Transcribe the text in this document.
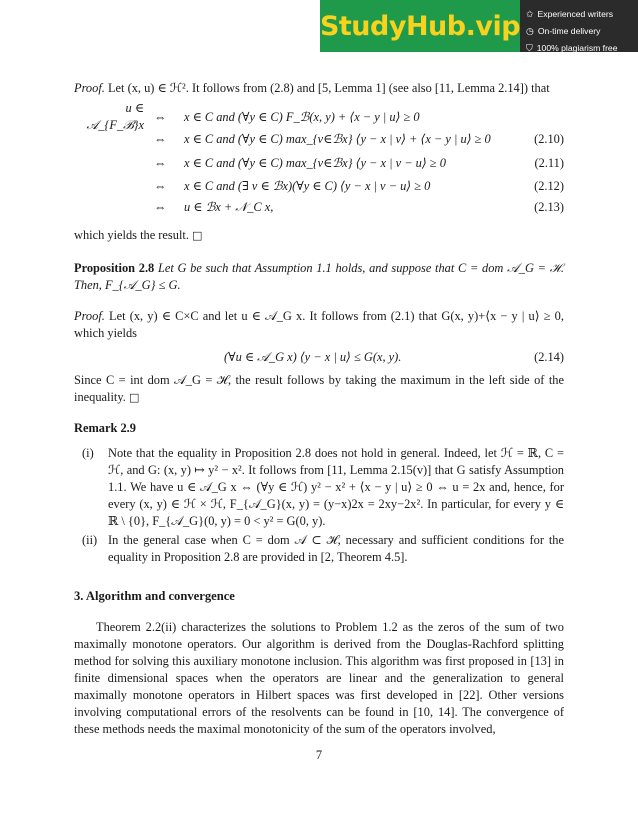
StudyHub.vip ✩ Experienced writers
◷ On-time delivery
⛉ 100% plagiarism free

Proof. Let (x, u) ∈ ℋ². It follows from (2.8) and [5, Lemma 1] (see also [11, Lemma 2.14]) that

u ∈ 𝒜_{F_ℬ}x
⇔	x ∈ C and (∀y ∈ C) F_ℬ(x, y) + ⟨x − y | u⟩ ≥ 0
⇔	x ∈ C and (∀y ∈ C) max_{v∈ℬx} ⟨y − x | v⟩ + ⟨x − y | u⟩ ≥ 0	(2.10)
⇔	x ∈ C and (∀y ∈ C) max_{v∈ℬx} ⟨y − x | v − u⟩ ≥ 0	(2.11)
⇔	x ∈ C and (∃ v ∈ ℬx)(∀y ∈ C) ⟨y − x | v − u⟩ ≥ 0	(2.12)
⇔	u ∈ ℬx + 𝒩_C x,	(2.13)

which yields the result. □

Proposition 2.8 Let G be such that Assumption 1.1 holds, and suppose that C = dom 𝒜_G = ℋ. Then, F_{𝒜_G} ≤ G.

Proof. Let (x, y) ∈ C×C and let u ∈ 𝒜_G x. It follows from (2.1) that G(x, y)+⟨x − y | u⟩ ≥ 0, which yields

(∀u ∈ 𝒜_G x) ⟨y − x | u⟩ ≤ G(x, y).	(2.14)

Since C = int dom 𝒜_G = ℋ, the result follows by taking the maximum in the left side of the inequality. □

Remark 2.9

(i)	Note that the equality in Proposition 2.8 does not hold in general. Indeed, let ℋ = ℝ, C = ℋ, and G: (x, y) ↦ y² − x². It follows from [11, Lemma 2.15(v)] that G satisfy Assumption 1.1. We have u ∈ 𝒜_G x ⇔ (∀y ∈ ℋ) y² − x² + ⟨x − y | u⟩ ≥ 0 ⇔ u = 2x and, hence, for every (x, y) ∈ ℋ × ℋ, F_{𝒜_G}(x, y) = (y−x)2x = 2xy−2x². In particular, for every y ∈ ℝ \ {0}, F_{𝒜_G}(0, y) = 0 < y² = G(0, y).
(ii) In the general case when C = dom 𝒜 ⊂ ℋ, necessary and sufficient conditions for the equality in Proposition 2.8 are provided in [2, Theorem 4.5].

3. Algorithm and convergence

Theorem 2.2(ii) characterizes the solutions to Problem 1.2 as the zeros of the sum of two maximally monotone operators. Our algorithm is derived from the Douglas-Rachford splitting method for solving this auxiliary monotone inclusion. This algorithm was first proposed in [13] in finite dimensional spaces when the operators are linear and the generalization to general maximally monotone operators in Hilbert spaces was first developed in [22]. Other versions involving computational errors of the resolvents can be found in [10, 14]. The convergence of these methods needs the maximal monotonicity of the sum of the operators involved,

7
